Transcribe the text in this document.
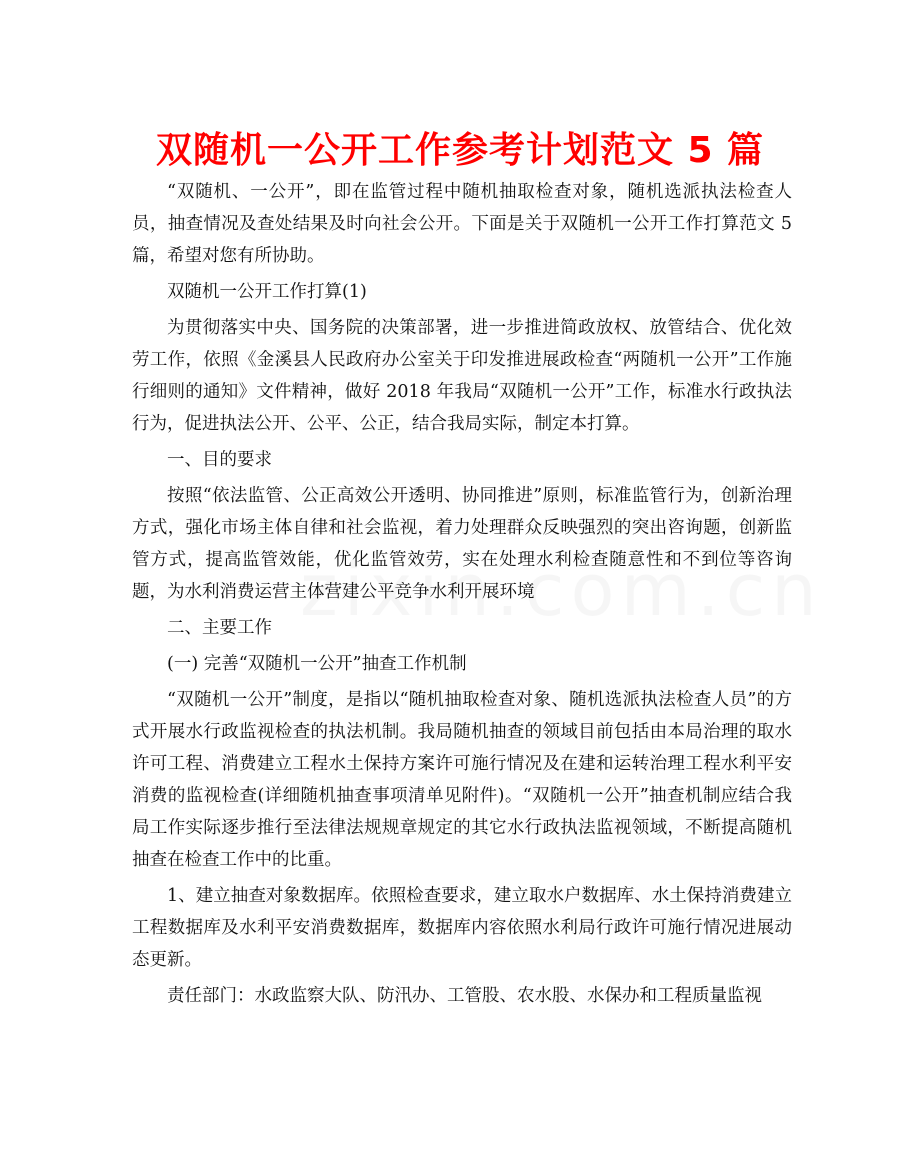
双随机一公开工作参考计划范文 5 篇

“双随机、一公开”，即在监管过程中随机抽取检查对象，随机选派执法检查人员，抽查情况及查处结果及时向社会公开。下面是关于双随机一公开工作打算范文 5 篇，希望对您有所协助。

双随机一公开工作打算(1)

为贯彻落实中央、国务院的决策部署，进一步推进简政放权、放管结合、优化效劳工作，依照《金溪县人民政府办公室关于印发推进展政检查“两随机一公开”工作施行细则的通知》文件精神，做好 2018 年我局“双随机一公开”工作，标准水行政执法行为，促进执法公开、公平、公正，结合我局实际，制定本打算。

一、目的要求

按照“依法监管、公正高效公开透明、协同推进”原则，标准监管行为，创新治理方式，强化市场主体自律和社会监视，着力处理群众反映强烈的突出咨询题，创新监管方式，提高监管效能，优化监管效劳，实在处理水利检查随意性和不到位等咨询题，为水利消费运营主体营建公平竞争水利开展环境

二、主要工作

(一) 完善“双随机一公开”抽查工作机制

“双随机一公开”制度，是指以“随机抽取检查对象、随机选派执法检查人员”的方式开展水行政监视检查的执法机制。我局随机抽查的领域目前包括由本局治理的取水许可工程、消费建立工程水土保持方案许可施行情况及在建和运转治理工程水利平安消费的监视检查(详细随机抽查事项清单见附件)。“双随机一公开”抽查机制应结合我局工作实际逐步推行至法律法规规章规定的其它水行政执法监视领域，不断提高随机抽查在检查工作中的比重。

1、建立抽查对象数据库。依照检查要求，建立取水户数据库、水土保持消费建立工程数据库及水利平安消费数据库，数据库内容依照水利局行政许可施行情况进展动态更新。

责任部门：水政监察大队、防汛办、工管股、农水股、水保办和工程质量监视
